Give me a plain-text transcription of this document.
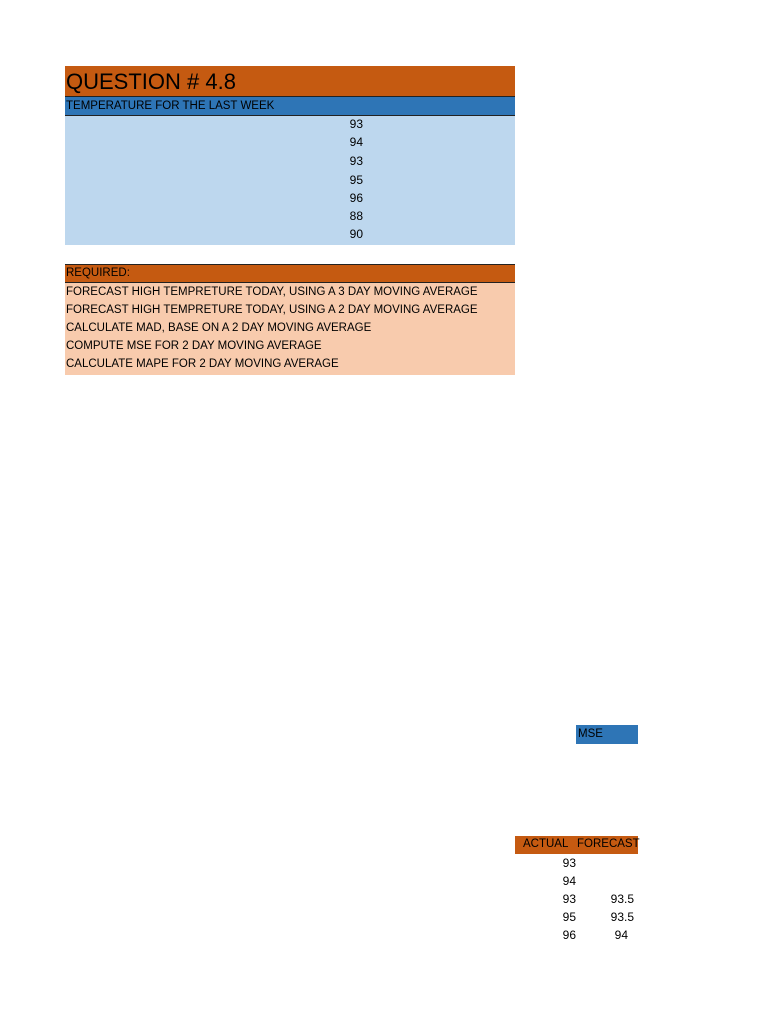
QUESTION # 4.8
TEMPERATURE FOR THE LAST WEEK
93
94
93
95
96
88
90
REQUIRED:
FORECAST HIGH TEMPRETURE TODAY, USING A 3 DAY MOVING AVERAGE
FORECAST HIGH TEMPRETURE TODAY, USING A 2 DAY MOVING AVERAGE
CALCULATE MAD, BASE ON A 2 DAY MOVING AVERAGE
COMPUTE MSE FOR 2 DAY MOVING AVERAGE
CALCULATE MAPE FOR 2 DAY MOVING AVERAGE
MSE
ACTUAL FORECAST
93
94
93	93.5
95	93.5
96	94
